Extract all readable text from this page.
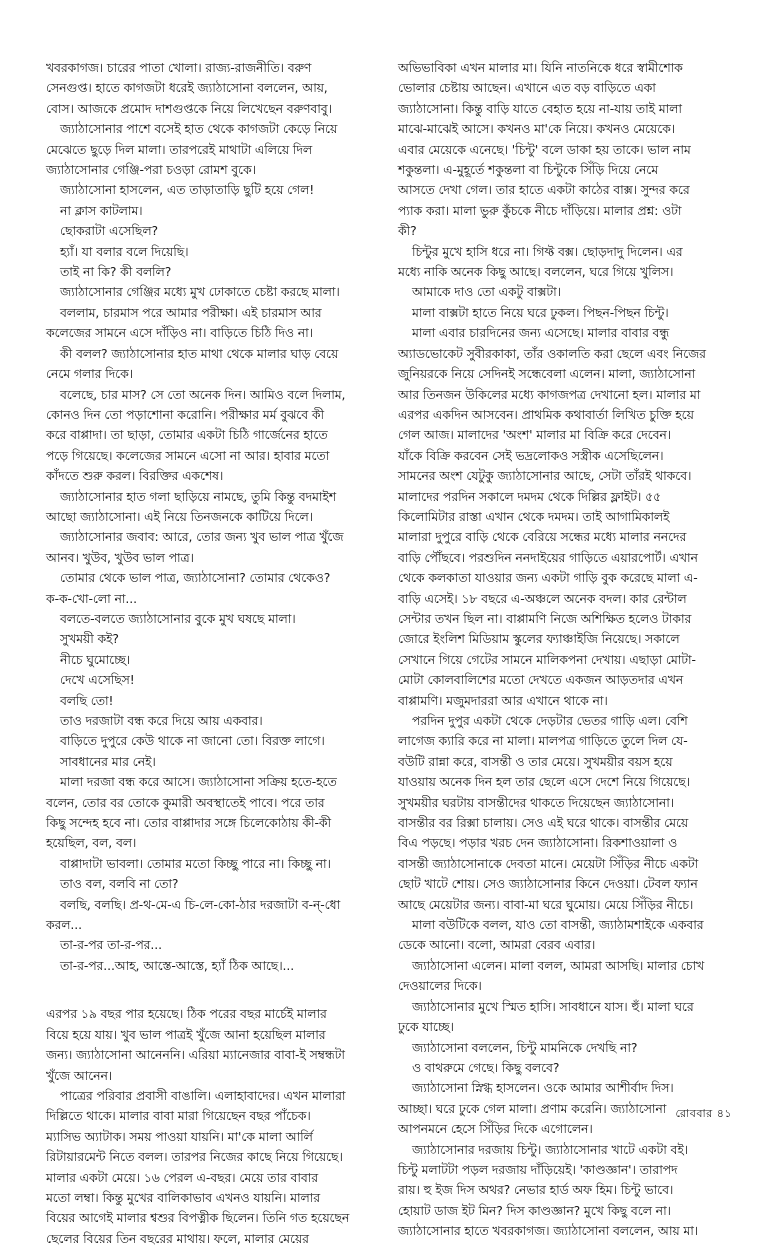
খবরকাগজ। চারের পাতা খোলা। রাজ্য-রাজনীতি। বরুণ

সেনগুপ্ত। হাতে কাগজটা ধরেই জ্যাঠাসোনা বললেন, আয়,

বোস। আজকে প্রমোদ দাশগুপ্তকে নিয়ে লিখেছেন বরুণবাবু।

জ্যাঠাসোনার পাশে বসেই হাত থেকে কাগজটা কেড়ে নিয়ে

মেঝেতে ছুড়ে দিল মালা। তারপরেই মাথাটা এলিয়ে দিল

জ্যাঠাসোনার গেঞ্জি-পরা চওড়া রোমশ বুকে।

জ্যাঠাসোনা হাসলেন, এত তাড়াতাড়ি ছুটি হয়ে গেল!

না ক্লাস কাটলাম।

ছোকরাটা এসেছিল?

হ্যাঁ। যা বলার বলে দিয়েছি।

তাই না কি? কী বললি?

জ্যাঠাসোনার গেঞ্জির মধ্যে মুখ ঢোকাতে চেষ্টা করছে মালা।

বললাম, চারমাস পরে আমার পরীক্ষা। এই চারমাস আর

কলেজের সামনে এসে দাঁড়িও না। বাড়িতে চিঠি দিও না।

কী বলল? জ্যাঠাসোনার হাত মাথা থেকে মালার ঘাড় বেয়ে

নেমে গলার দিকে।

বলেছে, চার মাস? সে তো অনেক দিন। আমিও বলে দিলাম,

কোনও দিন তো পড়াশোনা করোনি। পরীক্ষার মর্ম বুঝবে কী

করে বাপ্পাদা। তা ছাড়া, তোমার একটা চিঠি গার্জেনের হাতে

পড়ে গিয়েছে। কলেজের সামনে এসো না আর। হাবার মতো

কাঁদতে শুরু করল। বিরক্তির একশেষ।

জ্যাঠাসোনার হাত গলা ছাড়িয়ে নামছে, তুমি কিন্তু বদমাইশ

আছো জ্যাঠাসোনা। এই নিয়ে তিনজনকে কাটিয়ে দিলে।

জ্যাঠাসোনার জবাব: আরে, তোর জন্য খুব ভাল পাত্র খুঁজে

আনব। খুউব, খুউব ভাল পাত্র।

তোমার থেকে ভাল পাত্র, জ্যাঠাসোনা? তোমার থেকেও?

ক-ক-খো-লো না...

বলতে-বলতে জ্যাঠাসোনার বুকে মুখ ঘষছে মালা।

সুখময়ী কই?

নীচে ঘুমোচ্ছে।

দেখে এসেছিস!

বলছি তো!

তাও দরজাটা বন্ধ করে দিয়ে আয় একবার।

বাড়িতে দুপুরে কেউ থাকে না জানো তো। বিরক্ত লাগে।

সাবধানের মার নেই।

মালা দরজা বন্ধ করে আসে। জ্যাঠাসোনা সক্রিয় হতে-হতে

বলেন, তোর বর তোকে কুমারী অবস্থাতেই পাবে। পরে তার

কিছু সন্দেহ হবে না। তোর বাপ্পাদার সঙ্গে চিলেকোঠায় কী-কী

হয়েছিল, বল, বল।

বাপ্পাদাটা ভাবলা। তোমার মতো কিচ্ছু পারে না। কিচ্ছু না।

তাও বল, বলবি না তো?

বলছি, বলছি। প্র-থ-মে-এ চি-লে-কো-ঠার দরজাটা ব-ন্‌-ধো

করল...

তা-র-পর তা-র-পর...

তা-র-পর...আহ, আস্তে-আস্তে, হ্যাঁ ঠিক আছে।...

এরপর ১৯ বছর পার হয়েছে। ঠিক পরের বছর মার্চেই মালার

বিয়ে হয়ে যায়। খুব ভাল পাত্রই খুঁজে আনা হয়েছিল মালার

জন্য। জ্যাঠাসোনা আনেননি। এরিয়া ম্যানেজার বাবা-ই সম্বন্ধটা

খুঁজে আনেন।

পাত্রের পরিবার প্রবাসী বাঙালি। এলাহাবাদের। এখন মালারা

দিল্লিতে থাকে। মালার বাবা মারা গিয়েছেন বছর পাঁচেক।

ম্যাসিভ অ্যাটাক। সময় পাওয়া যায়নি। মা'কে মালা আর্লি

রিটায়ারমেন্ট নিতে বলল। তারপর নিজের কাছে নিয়ে গিয়েছে।

মালার একটা মেয়ে। ১৬ পেরল এ-বছর। মেয়ে তার বাবার

মতো লম্বা। কিন্তু মুখের বালিকাভাব এখনও যায়নি। মালার

বিয়ের আগেই মালার শ্বশুর বিপত্নীক ছিলেন। তিনি গত হয়েছেন

ছেলের বিয়ের তিন বছরের মাথায়। ফলে, মালার মেয়ের

অভিভাবিকা এখন মালার মা। যিনি নাতনিকে ধরে স্বামীশোক

ভোলার চেষ্টায় আছেন। এখানে এত বড় বাড়িতে একা

জ্যাঠাসোনা। কিন্তু বাড়ি যাতে বেহাত হয়ে না-যায় তাই মালা

মাঝে-মাঝেই আসে। কখনও মা'কে নিয়ে। কখনও মেয়েকে।

এবার মেয়েকে এনেছে। 'চিন্টু' বলে ডাকা হয় তাকে। ভাল নাম

শকুন্তলা। এ-মুহূর্তে শকুন্তলা বা চিন্টুকে সিঁড়ি দিয়ে নেমে

আসতে দেখা গেল। তার হাতে একটা কাঠের বাক্স। সুন্দর করে

প্যাক করা। মালা ভুরু কুঁচকে নীচে দাঁড়িয়ে। মালার প্রশ্ন: ওটা

কী?

চিন্টুর মুখে হাসি ধরে না। গিফ্ট বক্স। ছোড়দাদু দিলেন। এর

মধ্যে নাকি অনেক কিছু আছে। বললেন, ঘরে গিয়ে খুলিস।

আমাকে দাও তো একটু বাক্সটা।

মালা বাক্সটা হাতে নিয়ে ঘরে ঢুকল। পিছন-পিছন চিন্টু।

মালা এবার চারদিনের জন্য এসেছে। মালার বাবার বন্ধু

অ্যাডভোকেট সুবীরকাকা, তাঁর ওকালতি করা ছেলে এবং নিজের

জুনিয়রকে নিয়ে সেদিনই সন্ধেবেলা এলেন। মালা, জ্যাঠাসোনা

আর তিনজন উকিলের মধ্যে কাগজপত্র দেখানো হল। মালার মা

এরপর একদিন আসবেন। প্রাথমিক কথাবার্তা লিখিত চুক্তি হয়ে

গেল আজ। মালাদের 'অংশ' মালার মা বিক্রি করে দেবেন।

যাঁকে বিক্রি করবেন সেই ভদ্রলোকও সস্ত্রীক এসেছিলেন।

সামনের অংশ যেটুকু জ্যাঠাসোনার আছে, সেটা তাঁরই থাকবে।

মালাদের পরদিন সকালে দমদম থেকে দিল্লির ফ্লাইট। ৫৫

কিলোমিটার রাস্তা এখান থেকে দমদম। তাই আগামিকালই

মালারা দুপুরে বাড়ি থেকে বেরিয়ে সন্ধের মধ্যে মালার ননদের

বাড়ি পৌঁছবে। পরশুদিন ননদাইয়ের গাড়িতে এয়ারপোর্ট। এখান

থেকে কলকাতা যাওয়ার জন্য একটা গাড়ি বুক করেছে মালা এ-

বাড়ি এসেই। ১৮ বছরে এ-অঞ্চলে অনেক বদল। কার রেন্টাল

সেন্টার তখন ছিল না। বাপ্পামণি নিজে অশিক্ষিত হলেও টাকার

জোরে ইংলিশ মিডিয়াম স্কুলের ফ্যাঞ্চাইজি নিয়েছে। সকালে

সেখানে গিয়ে গেটের সামনে মালিকপনা দেখায়। এছাড়া মোটা-

মোটা কোলবালিশের মতো দেখতে একজন আড়তদার এখন

বাপ্পামণি। মজুমদাররা আর এখানে থাকে না।

পরদিন দুপুর একটা থেকে দেড়টার ভেতর গাড়ি এল। বেশি

লাগেজ ক্যারি করে না মালা। মালপত্র গাড়িতে তুলে দিল যে-

বউটি রান্না করে, বাসন্তী ও তার মেয়ে। সুখময়ীর বয়স হয়ে

যাওয়ায় অনেক দিন হল তার ছেলে এসে দেশে নিয়ে গিয়েছে।

সুখময়ীর ঘরটায় বাসন্তীদের থাকতে দিয়েছেন জ্যাঠাসোনা।

বাসন্তীর বর রিক্সা চালায়। সেও এই ঘরে থাকে। বাসন্তীর মেয়ে

বিএ পড়ছে। পড়ার খরচ দেন জ্যাঠাসোনা। রিকশাওয়ালা ও

বাসন্তী জ্যাঠাসোনাকে দেবতা মানে। মেয়েটা সিঁড়ির নীচে একটা

ছোট খাটে শোয়। সেও জ্যাঠাসোনার কিনে দেওয়া। টেবল ফ্যান

আছে মেয়েটার জন্য। বাবা-মা ঘরে ঘুমোয়। মেয়ে সিঁড়ির নীচে।

মালা বউটিকে বলল, যাও তো বাসন্তী, জ্যাঠামশাইকে একবার

ডেকে আনো। বলো, আমরা বেরব এবার।

জ্যাঠাসোনা এলেন। মালা বলল, আমরা আসছি। মালার চোখ

দেওয়ালের দিকে।

জ্যাঠাসোনার মুখে স্মিত হাসি। সাবধানে যাস। হুঁ। মালা ঘরে

ঢুকে যাচ্ছে।

জ্যাঠাসোনা বললেন, চিন্টু মামনিকে দেখছি না?

ও বাথরুমে গেছে। কিছু বলবে?

জ্যাঠাসোনা স্নিগ্ধ হাসলেন। ওকে আমার আশীর্বাদ দিস।

আচ্ছা। ঘরে ঢুকে গেল মালা। প্রণাম করেনি। জ্যাঠাসোনা

আপনমনে হেসে সিঁড়ির দিকে এগোলেন।

জ্যাঠাসোনার দরজায় চিন্টু। জ্যাঠাসোনার খাটে একটা বই।

চিন্টু মলাটটা পড়ল দরজায় দাঁড়িয়েই। 'কাণ্ডজ্ঞান'। তারাপদ

রায়। হু ইজ দিস অথর? নেভার হার্ড অফ হিম। চিন্টু ভাবে।

হোয়াট ডাজ ইট মিন? দিস কাণ্ডজ্ঞান? মুখে কিছু বলে না।

জ্যাঠাসোনার হাতে খবরকাগজ। জ্যাঠাসোনা বললেন, আয় মা।

রোববার ৪১
